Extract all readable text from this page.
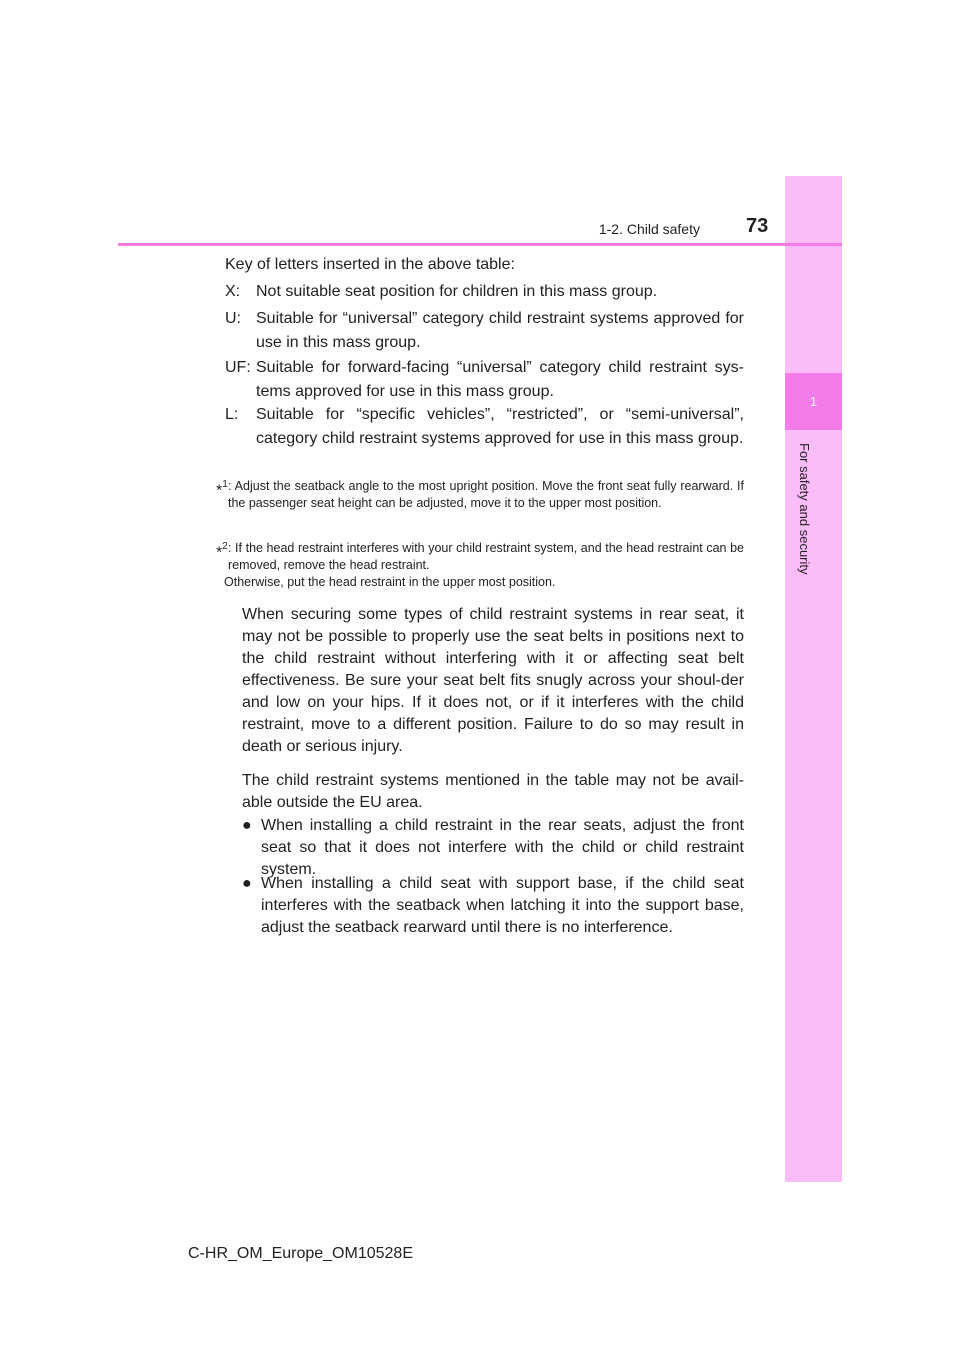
1
For safety and security
1-2. Child safety 73
Key of letters inserted in the above table:
X: Not suitable seat position for children in this mass group.
U: Suitable for “universal” category child restraint systems approved for use in this mass group.
UF: Suitable for forward-facing “universal” category child restraint sys-tems approved for use in this mass group.
L: Suitable for “specific vehicles”, “restricted”, or “semi-universal”, category child restraint systems approved for use in this mass group.
*$^1$ : Adjust the seatback angle to the most upright position. Move the front seat fully rearward. If the passenger seat height can be adjusted, move it to the upper most position.
*$^2$ : If the head restraint interferes with your child restraint system, and the head restraint can be removed, remove the head restraint.
Otherwise, put the head restraint in the upper most position.

When securing some types of child restraint systems in rear seat, it may not be possible to properly use the seat belts in positions next to the child restraint without interfering with it or affecting seat belt effectiveness. Be sure your seat belt fits snugly across your shoul-der and low on your hips. If it does not, or if it interferes with the child restraint, move to a different position. Failure to do so may result in death or serious injury.

The child restraint systems mentioned in the table may not be avail-able outside the EU area.

● When installing a child restraint in the rear seats, adjust the front seat so that it does not interfere with the child or child restraint system.
● When installing a child seat with support base, if the child seat interferes with the seatback when latching it into the support base, adjust the seatback rearward until there is no interference.
C-HR_OM_Europe_OM10528E
